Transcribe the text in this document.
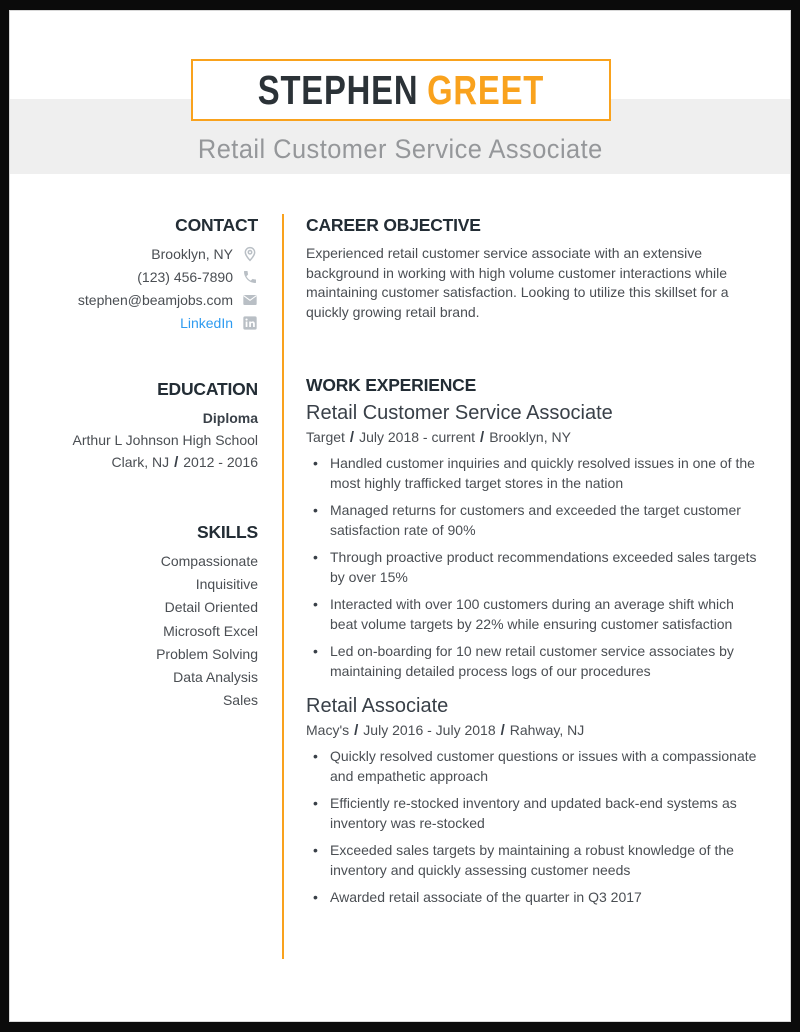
Retail Customer Service Associate
STEPHEN GREET
CONTACT
Brooklyn, NY
(123) 456-7890
stephen@beamjobs.com
LinkedIn
EDUCATION
Diploma
Arthur L Johnson High School
Clark, NJ / 2012 - 2016
SKILLS
Compassionate
Inquisitive
Detail Oriented
Microsoft Excel
Problem Solving
Data Analysis
Sales
CAREER OBJECTIVE

Experienced retail customer service associate with an extensive background in working with high volume customer interactions while maintaining customer satisfaction. Looking to utilize this skillset for a quickly growing retail brand.

WORK EXPERIENCE
Retail Customer Service Associate
Target / July 2018 - current / Brooklyn, NY
• Handled customer inquiries and quickly resolved issues in one of the most highly trafficked target stores in the nation
• Managed returns for customers and exceeded the target customer satisfaction rate of 90%
• Through proactive product recommendations exceeded sales targets by over 15%
• Interacted with over 100 customers during an average shift which beat volume targets by 22% while ensuring customer satisfaction
• Led on-boarding for 10 new retail customer service associates by maintaining detailed process logs of our procedures
Retail Associate
Macy's / July 2016 - July 2018 / Rahway, NJ
• Quickly resolved customer questions or issues with a compassionate and empathetic approach
• Efficiently re-stocked inventory and updated back-end systems as inventory was re-stocked
• Exceeded sales targets by maintaining a robust knowledge of the inventory and quickly assessing customer needs
• Awarded retail associate of the quarter in Q3 2017
